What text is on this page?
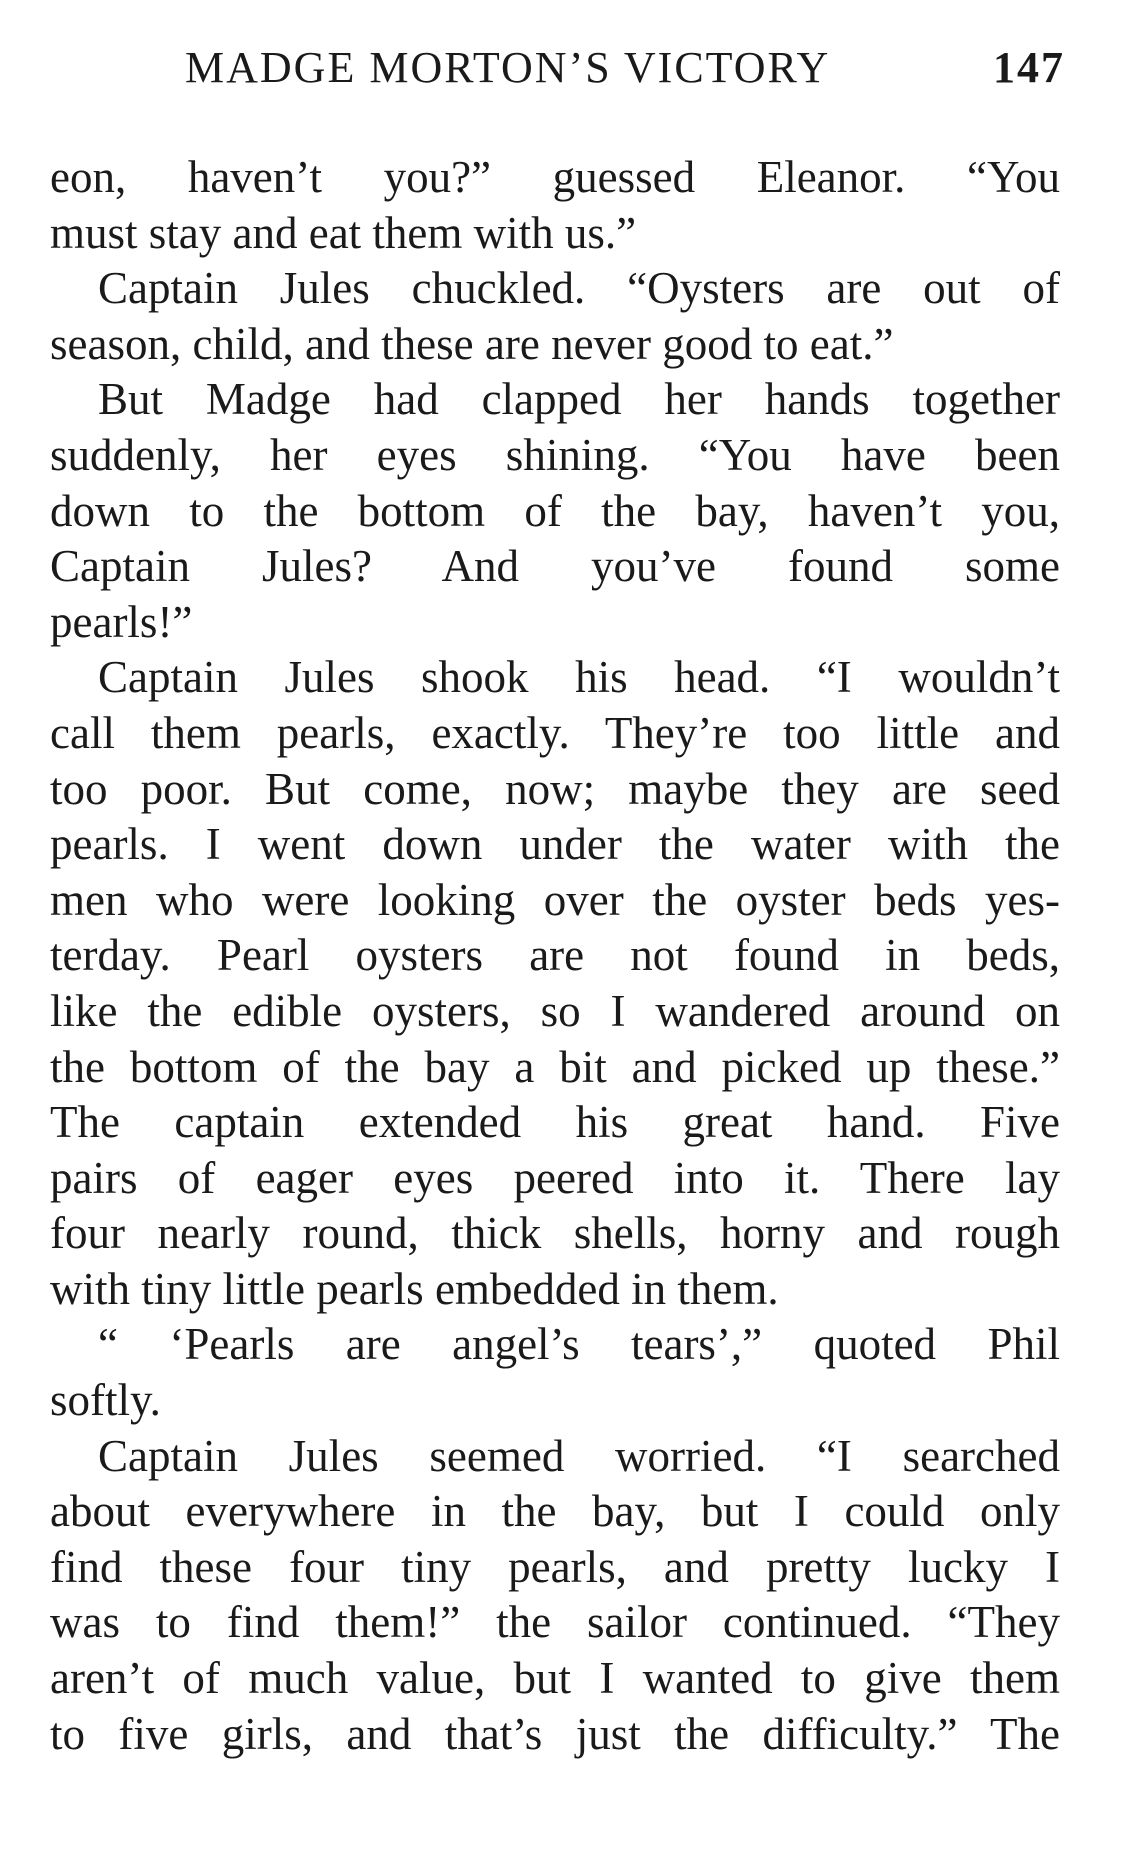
MADGE MORTON’S VICTORY	147
eon, haven’t you?” guessed Eleanor. “You
must stay and eat them with us.”
Captain Jules chuckled. “Oysters are out of
season, child, and these are never good to eat.”
But Madge had clapped her hands together
suddenly, her eyes shining. “You have been
down to the bottom of the bay, haven’t you,
Captain Jules? And you’ve found some
pearls!”
Captain Jules shook his head. “I wouldn’t
call them pearls, exactly. They’re too little and
too poor. But come, now; maybe they are seed
pearls. I went down under the water with the
men who were looking over the oyster beds yes-
terday. Pearl oysters are not found in beds,
like the edible oysters, so I wandered around on
the bottom of the bay a bit and picked up these.”
The captain extended his great hand. Five
pairs of eager eyes peered into it. There lay
four nearly round, thick shells, horny and rough
with tiny little pearls embedded in them.
“ ‘Pearls are angel’s tears’,” quoted Phil
softly.
Captain Jules seemed worried. “I searched
about everywhere in the bay, but I could only
find these four tiny pearls, and pretty lucky I
was to find them!” the sailor continued. “They
aren’t of much value, but I wanted to give them
to five girls, and that’s just the difficulty.” The
